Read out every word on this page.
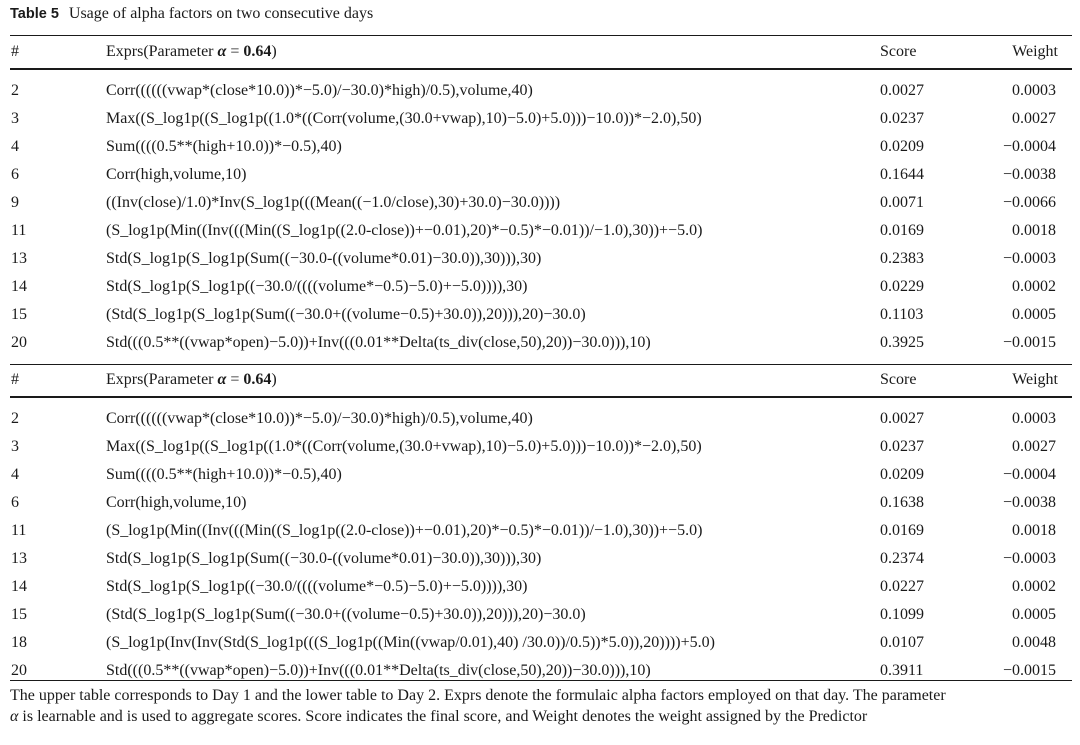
Table 5 Usage of alpha factors on two consecutive days
#	Exprs(Parameter α = 0.64)	Score	Weight
2	Corr((((((vwap*(close*10.0))*−5.0)/−30.0)*high)/0.5),volume,40)	0.0027	0.0003
3	Max((S_log1p((S_log1p((1.0*((Corr(volume,(30.0+vwap),10)−5.0)+5.0)))−10.0))*−2.0),50)	0.0237	0.0027
4	Sum((((0.5**(high+10.0))*−0.5),40)	0.0209	−0.0004
6	Corr(high,volume,10)	0.1644	−0.0038
9	((Inv(close)/1.0)*Inv(S_log1p(((Mean((−1.0/close),30)+30.0)−30.0))))	0.0071	−0.0066
11	(S_log1p(Min((Inv(((Min((S_log1p((2.0-close))+−0.01),20)*−0.5)*−0.01))/−1.0),30))+−5.0)	0.0169	0.0018
13	Std(S_log1p(S_log1p(Sum((−30.0-((volume*0.01)−30.0)),30))),30)	0.2383	−0.0003
14	Std(S_log1p(S_log1p((−30.0/((((volume*−0.5)−5.0)+−5.0)))),30)	0.0229	0.0002
15	(Std(S_log1p(S_log1p(Sum((−30.0+((volume−0.5)+30.0)),20))),20)−30.0)	0.1103	0.0005
20	Std(((0.5**((vwap*open)−5.0))+Inv(((0.01**Delta(ts_div(close,50),20))−30.0))),10)	0.3925	−0.0015
#	Exprs(Parameter α = 0.64)	Score	Weight
2	Corr((((((vwap*(close*10.0))*−5.0)/−30.0)*high)/0.5),volume,40)	0.0027	0.0003
3	Max((S_log1p((S_log1p((1.0*((Corr(volume,(30.0+vwap),10)−5.0)+5.0)))−10.0))*−2.0),50)	0.0237	0.0027
4	Sum((((0.5**(high+10.0))*−0.5),40)	0.0209	−0.0004
6	Corr(high,volume,10)	0.1638	−0.0038
11	(S_log1p(Min((Inv(((Min((S_log1p((2.0-close))+−0.01),20)*−0.5)*−0.01))/−1.0),30))+−5.0)	0.0169	0.0018
13	Std(S_log1p(S_log1p(Sum((−30.0-((volume*0.01)−30.0)),30))),30)	0.2374	−0.0003
14	Std(S_log1p(S_log1p((−30.0/((((volume*−0.5)−5.0)+−5.0)))),30)	0.0227	0.0002
15	(Std(S_log1p(S_log1p(Sum((−30.0+((volume−0.5)+30.0)),20))),20)−30.0)	0.1099	0.0005
18	(S_log1p(Inv(Inv(Std(S_log1p(((S_log1p((Min((vwap/0.01),40) /30.0))/0.5))*5.0)),20))))+5.0)	0.0107	0.0048
20	Std(((0.5**((vwap*open)−5.0))+Inv(((0.01**Delta(ts_div(close,50),20))−30.0))),10)	0.3911	−0.0015
The upper table corresponds to Day 1 and the lower table to Day 2. Exprs denote the formulaic alpha factors employed on that day. The parameter
α is learnable and is used to aggregate scores. Score indicates the final score, and Weight denotes the weight assigned by the Predictor
